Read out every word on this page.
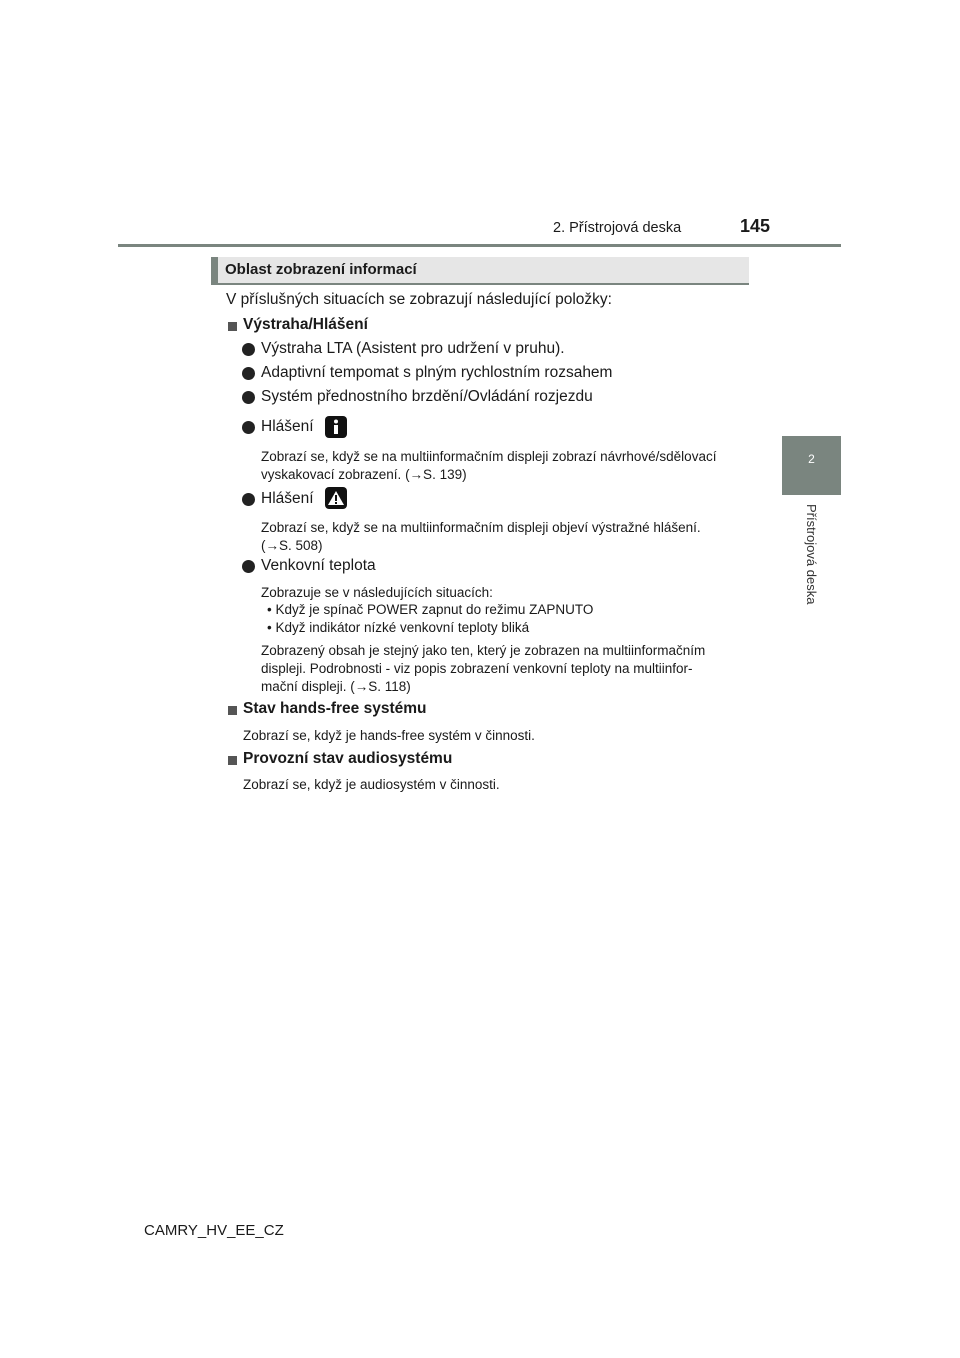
2. Přístrojová deska	145
2
Přístrojová deska
Oblast zobrazení informací
V příslušných situacích se zobrazují následující položky:
Výstraha/Hlášení
Výstraha LTA (Asistent pro udržení v pruhu).
Adaptivní tempomat s plným rychlostním rozsahem
Systém přednostního brzdění/Ovládání rozjezdu
Hlášení
Zobrazí se, když se na multiinformačním displeji zobrazí návrhové/sdělovací
vyskakovací zobrazení. (→S. 139)
Hlášení
Zobrazí se, když se na multiinformačním displeji objeví výstražné hlášení.
(→S. 508)
Venkovní teplota
Zobrazuje se v následujících situacích:
• Když je spínač POWER zapnut do režimu ZAPNUTO
• Když indikátor nízké venkovní teploty bliká
Zobrazený obsah je stejný jako ten, který je zobrazen na multiinformačním
displeji. Podrobnosti - viz popis zobrazení venkovní teploty na multiinfor-
mační displeji. (→S. 118)
Stav hands-free systému
Zobrazí se, když je hands-free systém v činnosti.
Provozní stav audiosystému
Zobrazí se, když je audiosystém v činnosti.
CAMRY_HV_EE_CZ
